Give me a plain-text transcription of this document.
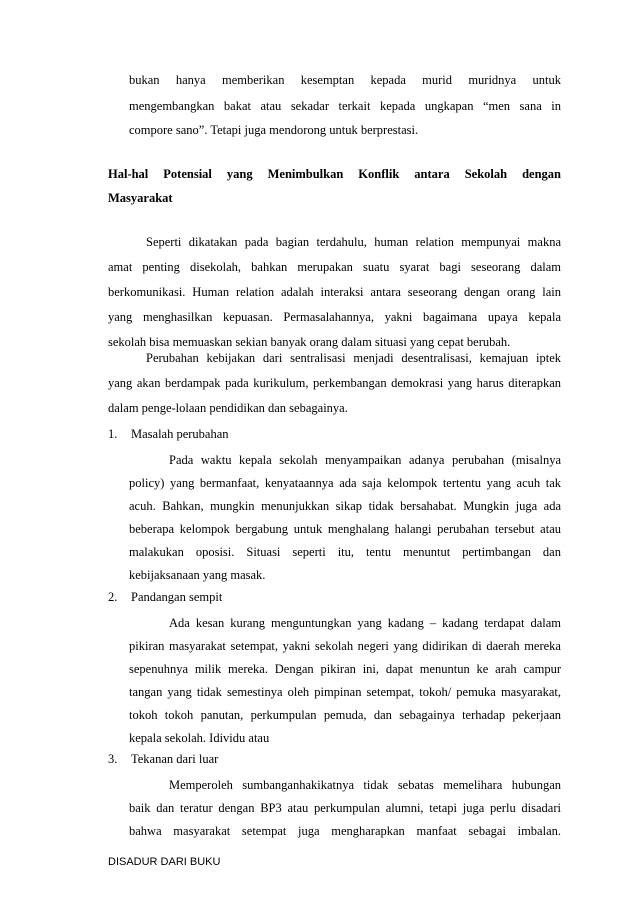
bukan hanya memberikan kesemptan kepada murid muridnya untuk
mengembangkan bakat atau sekadar terkait kepada ungkapan “men sana in
compore sano”. Tetapi juga mendorong untuk berprestasi.
Hal-hal Potensial yang Menimbulkan Konflik antara Sekolah dengan
Masyarakat
Seperti dikatakan pada bagian terdahulu, human relation mempunyai makna
amat penting disekolah, bahkan merupakan suatu syarat bagi seseorang dalam
berkomunikasi. Human relation adalah interaksi antara seseorang dengan orang lain
yang menghasilkan kepuasan. Permasalahannya, yakni bagaimana upaya kepala
sekolah bisa memuaskan sekian banyak orang dalam situasi yang cepat berubah.
Perubahan kebijakan dari sentralisasi menjadi desentralisasi, kemajuan iptek
yang akan berdampak pada kurikulum, perkembangan demokrasi yang harus diterapkan
dalam penge-lolaan pendidikan dan sebagainya.
1. Masalah perubahan
Pada waktu kepala sekolah menyampaikan adanya perubahan (misalnya
policy) yang bermanfaat, kenyataannya ada saja kelompok tertentu yang acuh tak
acuh. Bahkan, mungkin menunjukkan sikap tidak bersahabat. Mungkin juga ada
beberapa kelompok bergabung untuk menghalang halangi perubahan tersebut atau
malakukan oposisi. Situasi seperti itu, tentu menuntut pertimbangan dan
kebijaksanaan yang masak.
2. Pandangan sempit
Ada kesan kurang menguntungkan yang kadang – kadang terdapat dalam
pikiran masyarakat setempat, yakni sekolah negeri yang didirikan di daerah mereka
sepenuhnya milik mereka. Dengan pikiran ini, dapat menuntun ke arah campur
tangan yang tidak semestinya oleh pimpinan setempat, tokoh/ pemuka masyarakat,
tokoh tokoh panutan, perkumpulan pemuda, dan sebagainya terhadap pekerjaan
kepala sekolah. Idividu atau
3. Tekanan dari luar
Memperoleh sumbanganhakikatnya tidak sebatas memelihara hubungan
baik dan teratur dengan BP3 atau perkumpulan alumni, tetapi juga perlu disadari
bahwa masyarakat setempat juga mengharapkan manfaat sebagai imbalan.
DISADUR DARI BUKU
